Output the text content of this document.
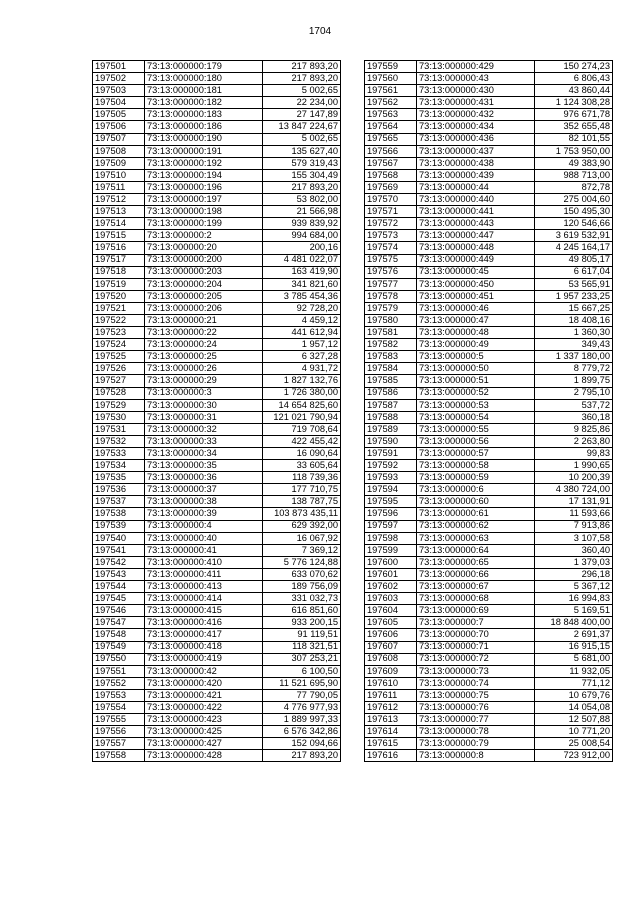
1704
197501	73:13:000000:179	217 893,20
197502	73:13:000000:180	217 893,20
197503	73:13:000000:181	5 002,65
197504	73:13:000000:182	22 234,00
197505	73:13:000000:183	27 147,89
197506	73:13:000000:186	13 847 224,67
197507	73:13:000000:190	5 002,65
197508	73:13:000000:191	135 627,40
197509	73:13:000000:192	579 319,43
197510	73:13:000000:194	155 304,49
197511	73:13:000000:196	217 893,20
197512	73:13:000000:197	53 802,00
197513	73:13:000000:198	21 566,98
197514	73:13:000000:199	939 839,92
197515	73:13:000000:2	994 684,00
197516	73:13:000000:20	200,16
197517	73:13:000000:200	4 481 022,07
197518	73:13:000000:203	163 419,90
197519	73:13:000000:204	341 821,60
197520	73:13:000000:205	3 785 454,36
197521	73:13:000000:206	92 728,20
197522	73:13:000000:21	4 459,12
197523	73:13:000000:22	441 612,94
197524	73:13:000000:24	1 957,12
197525	73:13:000000:25	6 327,28
197526	73:13:000000:26	4 931,72
197527	73:13:000000:29	1 827 132,76
197528	73:13:000000:3	1 726 380,00
197529	73:13:000000:30	14 654 825,60
197530	73:13:000000:31	121 021 790,94
197531	73:13:000000:32	719 708,64
197532	73:13:000000:33	422 455,42
197533	73:13:000000:34	16 090,64
197534	73:13:000000:35	33 605,64
197535	73:13:000000:36	118 739,36
197536	73:13:000000:37	177 710,75
197537	73:13:000000:38	138 787,75
197538	73:13:000000:39	103 873 435,11
197539	73:13:000000:4	629 392,00
197540	73:13:000000:40	16 067,92
197541	73:13:000000:41	7 369,12
197542	73:13:000000:410	5 776 124,88
197543	73:13:000000:411	633 070,62
197544	73:13:000000:413	189 756,09
197545	73:13:000000:414	331 032,73
197546	73:13:000000:415	616 851,60
197547	73:13:000000:416	933 200,15
197548	73:13:000000:417	91 119,51
197549	73:13:000000:418	118 321,51
197550	73:13:000000:419	307 253,21
197551	73:13:000000:42	6 100,50
197552	73:13:000000:420	11 521 695,90
197553	73:13:000000:421	77 790,05
197554	73:13:000000:422	4 776 977,93
197555	73:13:000000:423	1 889 997,33
197556	73:13:000000:425	6 576 342,86
197557	73:13:000000:427	152 094,66
197558	73:13:000000:428	217 893,20
197559	73:13:000000:429	150 274,23
197560	73:13:000000:43	6 806,43
197561	73:13:000000:430	43 860,44
197562	73:13:000000:431	1 124 308,28
197563	73:13:000000:432	976 671,78
197564	73:13:000000:434	352 655,48
197565	73:13:000000:436	82 101,55
197566	73:13:000000:437	1 753 950,00
197567	73:13:000000:438	49 383,90
197568	73:13:000000:439	988 713,00
197569	73:13:000000:44	872,78
197570	73:13:000000:440	275 004,60
197571	73:13:000000:441	150 495,30
197572	73:13:000000:443	120 546,66
197573	73:13:000000:447	3 619 532,91
197574	73:13:000000:448	4 245 164,17
197575	73:13:000000:449	49 805,17
197576	73:13:000000:45	6 617,04
197577	73:13:000000:450	53 565,91
197578	73:13:000000:451	1 957 233,25
197579	73:13:000000:46	15 667,25
197580	73:13:000000:47	18 408,16
197581	73:13:000000:48	1 360,30
197582	73:13:000000:49	349,43
197583	73:13:000000:5	1 337 180,00
197584	73:13:000000:50	8 779,72
197585	73:13:000000:51	1 899,75
197586	73:13:000000:52	2 795,10
197587	73:13:000000:53	537,72
197588	73:13:000000:54	360,18
197589	73:13:000000:55	9 825,86
197590	73:13:000000:56	2 263,80
197591	73:13:000000:57	99,83
197592	73:13:000000:58	1 990,65
197593	73:13:000000:59	10 200,39
197594	73:13:000000:6	4 380 724,00
197595	73:13:000000:60	17 131,91
197596	73:13:000000:61	11 593,66
197597	73:13:000000:62	7 913,86
197598	73:13:000000:63	3 107,58
197599	73:13:000000:64	360,40
197600	73:13:000000:65	1 379,03
197601	73:13:000000:66	296,18
197602	73:13:000000:67	5 367,12
197603	73:13:000000:68	16 994,83
197604	73:13:000000:69	5 169,51
197605	73:13:000000:7	18 848 400,00
197606	73:13:000000:70	2 691,37
197607	73:13:000000:71	16 915,15
197608	73:13:000000:72	5 681,00
197609	73:13:000000:73	11 932,05
197610	73:13:000000:74	771,12
197611	73:13:000000:75	10 679,76
197612	73:13:000000:76	14 054,08
197613	73:13:000000:77	12 507,88
197614	73:13:000000:78	10 771,20
197615	73:13:000000:79	25 008,54
197616	73:13:000000:8	723 912,00
